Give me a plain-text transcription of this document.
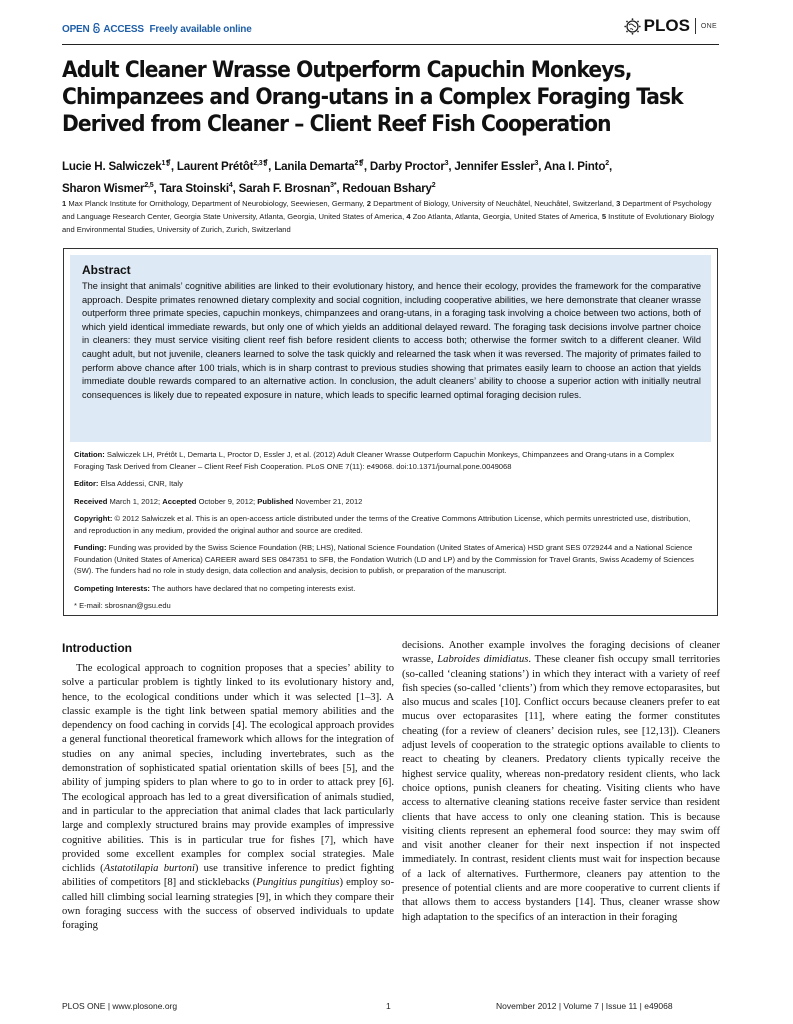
OPEN ACCESS Freely available online	PLOS ONE
Adult Cleaner Wrasse Outperform Capuchin Monkeys, Chimpanzees and Orang-utans in a Complex Foraging Task Derived from Cleaner – Client Reef Fish Cooperation
Lucie H. Salwiczek$^{1❡}$, Laurent Prétôt$^{2,3❡}$, Lanila Demarta$^{2❡}$, Darby Proctor$^3$, Jennifer Essler$^3$, Ana I. Pinto$^2$,
Sharon Wismer$^{2,5}$, Tara Stoinski$^4$, Sarah F. Brosnan$^{3*}$, Redouan Bshary$^2$
1 Max Planck Institute for Ornithology, Department of Neurobiology, Seewiesen, Germany, 2 Department of Biology, University of Neuchâtel, Neuchâtel, Switzerland, 3 Department of Psychology and Language Research Center, Georgia State University, Atlanta, Georgia, United States of America, 4 Zoo Atlanta, Atlanta, Georgia, United States of America, 5 Institute of Evolutionary Biology and Environmental Studies, University of Zurich, Zurich, Switzerland
Abstract

The insight that animals’ cognitive abilities are linked to their evolutionary history, and hence their ecology, provides the framework for the comparative approach. Despite primates renowned dietary complexity and social cognition, including cooperative abilities, we here demonstrate that cleaner wrasse outperform three primate species, capuchin monkeys, chimpanzees and orang-utans, in a foraging task involving a choice between two actions, both of which yield identical immediate rewards, but only one of which yields an additional delayed reward. The foraging task decisions involve partner choice in cleaners: they must service visiting client reef fish before resident clients to access both; otherwise the former switch to a different cleaner. Wild caught adult, but not juvenile, cleaners learned to solve the task quickly and relearned the task when it was reversed. The majority of primates failed to perform above chance after 100 trials, which is in sharp contrast to previous studies showing that primates easily learn to choose an action that yields immediate double rewards compared to an alternative action. In conclusion, the adult cleaners’ ability to choose a superior action with initially neutral consequences is likely due to repeated exposure in nature, which leads to specific learned optimal foraging decision rules.

Citation: Salwiczek LH, Prétôt L, Demarta L, Proctor D, Essler J, et al. (2012) Adult Cleaner Wrasse Outperform Capuchin Monkeys, Chimpanzees and Orang-utans in a Complex Foraging Task Derived from Cleaner – Client Reef Fish Cooperation. PLoS ONE 7(11): e49068. doi:10.1371/journal.pone.0049068

Editor: Elsa Addessi, CNR, Italy

Received March 1, 2012; Accepted October 9, 2012; Published November 21, 2012

Copyright: © 2012 Salwiczek et al. This is an open-access article distributed under the terms of the Creative Commons Attribution License, which permits unrestricted use, distribution, and reproduction in any medium, provided the original author and source are credited.

Funding: Funding was provided by the Swiss Science Foundation (RB; LHS), National Science Foundation (United States of America) HSD grant SES 0729244 and a National Science Foundation (United States of America) CAREER award SES 0847351 to SFB, the Fondation Wutrich (LD and LP) and by the Commission for Travel Grants, Swiss Academy of Sciences (SW). The funders had no role in study design, data collection and analysis, decision to publish, or preparation of the manuscript.

Competing Interests: The authors have declared that no competing interests exist.

* E-mail: sbrosnan@gsu.edu

Introduction

The ecological approach to cognition proposes that a species’ ability to solve a particular problem is tightly linked to its evolutionary history and, hence, to the ecological conditions under which it was selected [1–3]. A classic example is the tight link between spatial memory abilities and the dependency on food caching in corvids [4]. The ecological approach provides a general functional theoretical framework which allows for the integration of studies on any animal species, including invertebrates, such as the demonstration of sophisticated spatial orientation skills of bees [5], and the ability of jumping spiders to plan where to go to in order to attack prey [6]. The ecological approach has led to a great diversification of animals studied, and in particular to the appreciation that animal clades that lack particularly large and complexly structured brains may provide examples of impressive cognitive abilities. This is in particular true for fishes [7], which have provided some excellent examples for complex social strategies. Male cichlids (Astatotilapia burtoni) use transitive inference to predict fighting abilities of competitors [8] and sticklebacks (Pungitius pungitius) employ so-called hill climbing social learning strategies [9], in which they compare their own foraging success with the success of observed individuals to update foraging

decisions. Another example involves the foraging decisions of cleaner wrasse, Labroides dimidiatus. These cleaner fish occupy small territories (so-called ‘cleaning stations’) in which they interact with a variety of reef fish species (so-called ‘clients’) from which they remove ectoparasites, but also mucus and scales [10]. Conflict occurs because cleaners prefer to eat mucus over ectoparasites [11], where eating the former constitutes cheating (for a review of cleaners’ decision rules, see [12,13]). Cleaners adjust levels of cooperation to the strategic options available to clients to react to cheating by cleaners. Predatory clients typically receive the highest service quality, whereas non-predatory resident clients, who lack choice options, punish cleaners for cheating. Visiting clients who have access to alternative cleaning stations receive faster service than resident clients that have access to only one cleaning station. This is because visiting clients represent an ephemeral food source: they may swim off and visit another cleaner for their next inspection if not inspected immediately. In contrast, resident clients must wait for inspection because of a lack of alternatives. Furthermore, cleaners pay attention to the presence of potential clients and are more cooperative to current clients if that allows them to access bystanders [14]. Thus, cleaner wrasse show high adaptation to the specifics of an interaction in their foraging

PLOS ONE | www.plosone.org	1	November 2012 | Volume 7 | Issue 11 | e49068
